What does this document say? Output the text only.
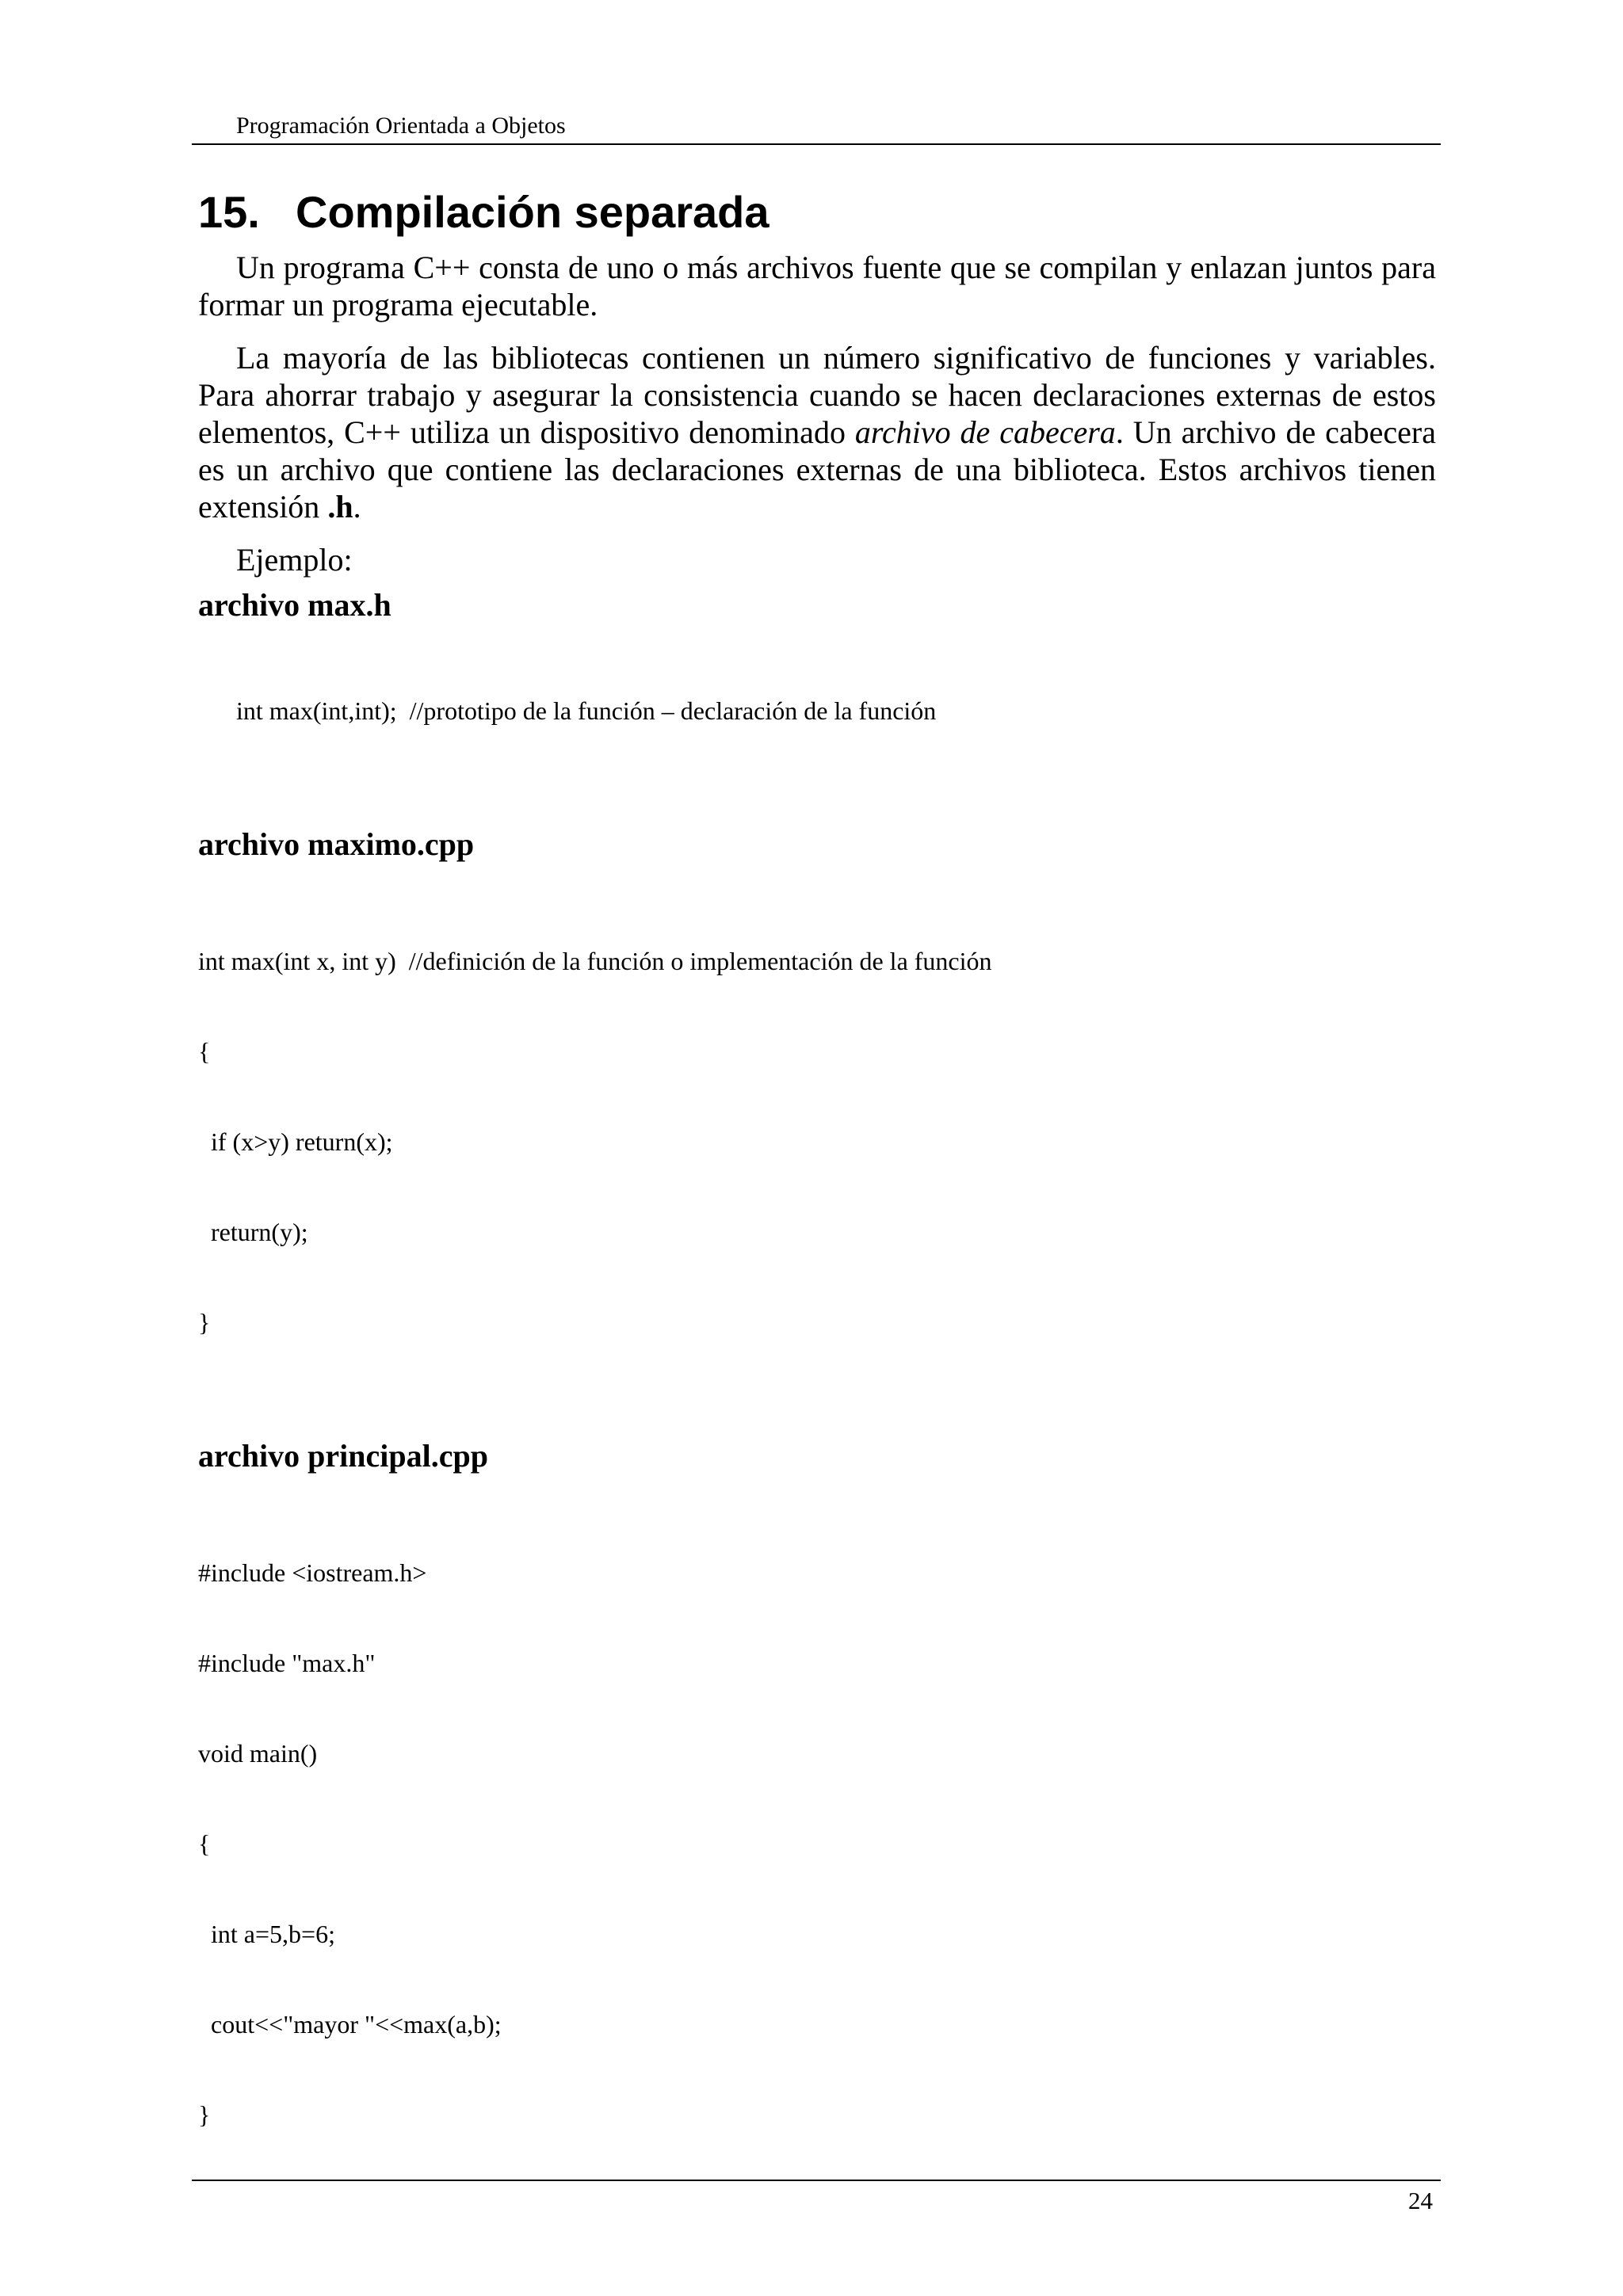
Programación Orientada a Objetos
15. Compilación separada

Un programa C++ consta de uno o más archivos fuente que se compilan y enlazan juntos para formar un programa ejecutable.

La mayoría de las bibliotecas contienen un número significativo de funciones y variables. Para ahorrar trabajo y asegurar la consistencia cuando se hacen declaraciones externas de estos elementos, C++ utiliza un dispositivo denominado archivo de cabecera. Un archivo de cabecera es un archivo que contiene las declaraciones externas de una biblioteca. Estos archivos tienen extensión .h.

Ejemplo:

archivo max.h

int max(int,int);  //prototipo de la función – declaración de la función

archivo maximo.cpp

int max(int x, int y)  //definición de la función o implementación de la función

{

if (x>y) return(x);

return(y);

}

archivo principal.cpp

#include <iostream.h>

#include "max.h"

void main()

{

int a=5,b=6;

cout<<"mayor "<<max(a,b);

}

24
